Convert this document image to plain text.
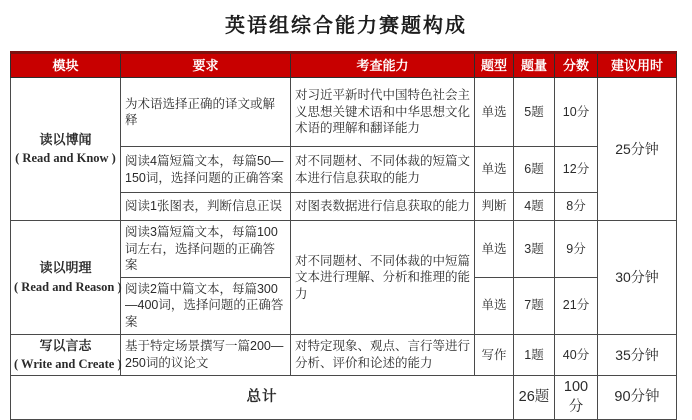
英语组综合能力赛题构成
模块	要求	考查能力	题型	题量	分数	建议用时
读以博闻
( Read and Know )	为术语选择正确的译文或解释	对习近平新时代中国特色社会主义思想关键术语和中华思想文化术语的理解和翻译能力	单选	5题	10分	25分钟
	阅读4篇短篇文本，每篇50—150词，选择问题的正确答案	对不同题材、不同体裁的短篇文本进行信息获取的能力	单选	6题	12分	
	阅读1张图表，判断信息正误	对图表数据进行信息获取的能力	判断	4题	8分	
读以明理
( Read and Reason )	阅读3篇短篇文本，每篇100词左右，选择问题的正确答案	对不同题材、不同体裁的中短篇文本进行理解、分析和推理的能力	单选	3题	9分	30分钟
	阅读2篇中篇文本，每篇300—400词，选择问题的正确答案		单选	7题	21分	
写以言志
( Write and Create )	基于特定场景撰写一篇200—250词的议论文	对特定现象、观点、言行等进行分析、评价和论述的能力	写作	1题	40分	35分钟
总计				26题	100分	90分钟
